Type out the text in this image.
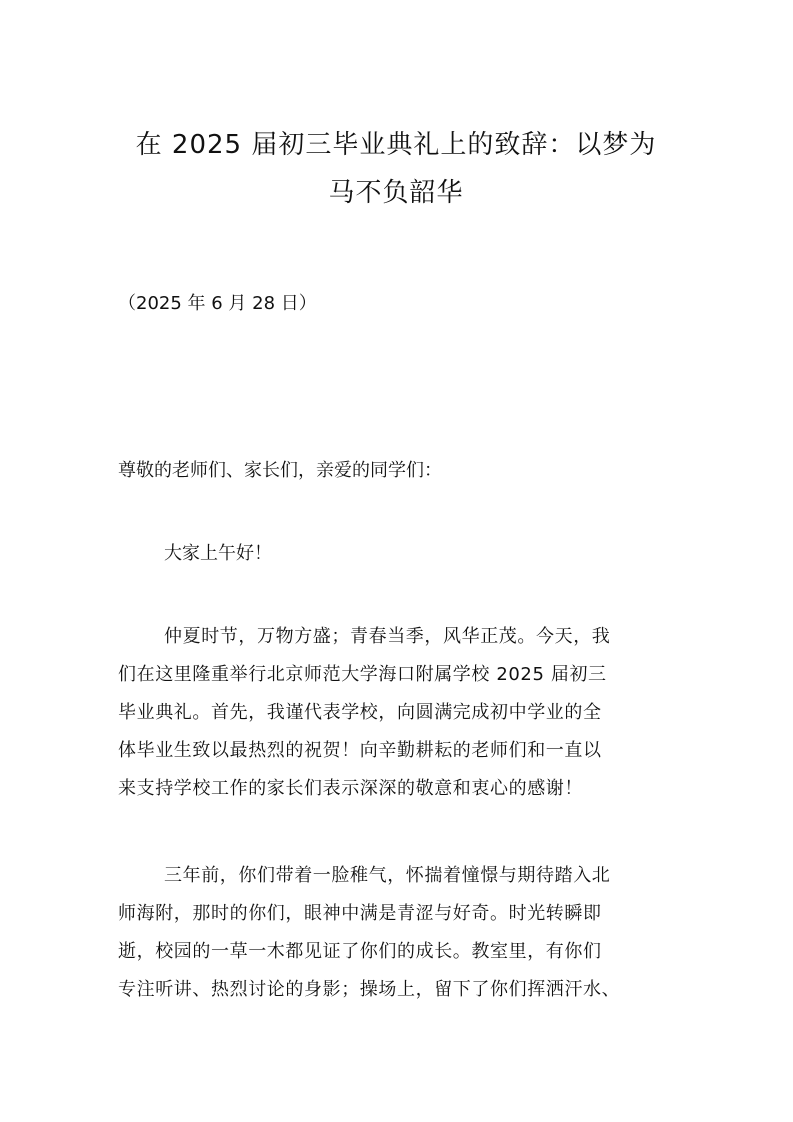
在 2025 届初三毕业典礼上的致辞：以梦为
马不负韶华
（2025 年 6 月 28 日）
尊敬的老师们、家长们，亲爱的同学们：
大家上午好！
仲夏时节，万物方盛；青春当季，风华正茂。今天，我
们在这里隆重举行北京师范大学海口附属学校 2025 届初三
毕业典礼。首先，我谨代表学校，向圆满完成初中学业的全
体毕业生致以最热烈的祝贺！向辛勤耕耘的老师们和一直以
来支持学校工作的家长们表示深深的敬意和衷心的感谢！
三年前，你们带着一脸稚气，怀揣着憧憬与期待踏入北
师海附，那时的你们，眼神中满是青涩与好奇。时光转瞬即
逝，校园的一草一木都见证了你们的成长。教室里，有你们
专注听讲、热烈讨论的身影；操场上，留下了你们挥洒汗水、
